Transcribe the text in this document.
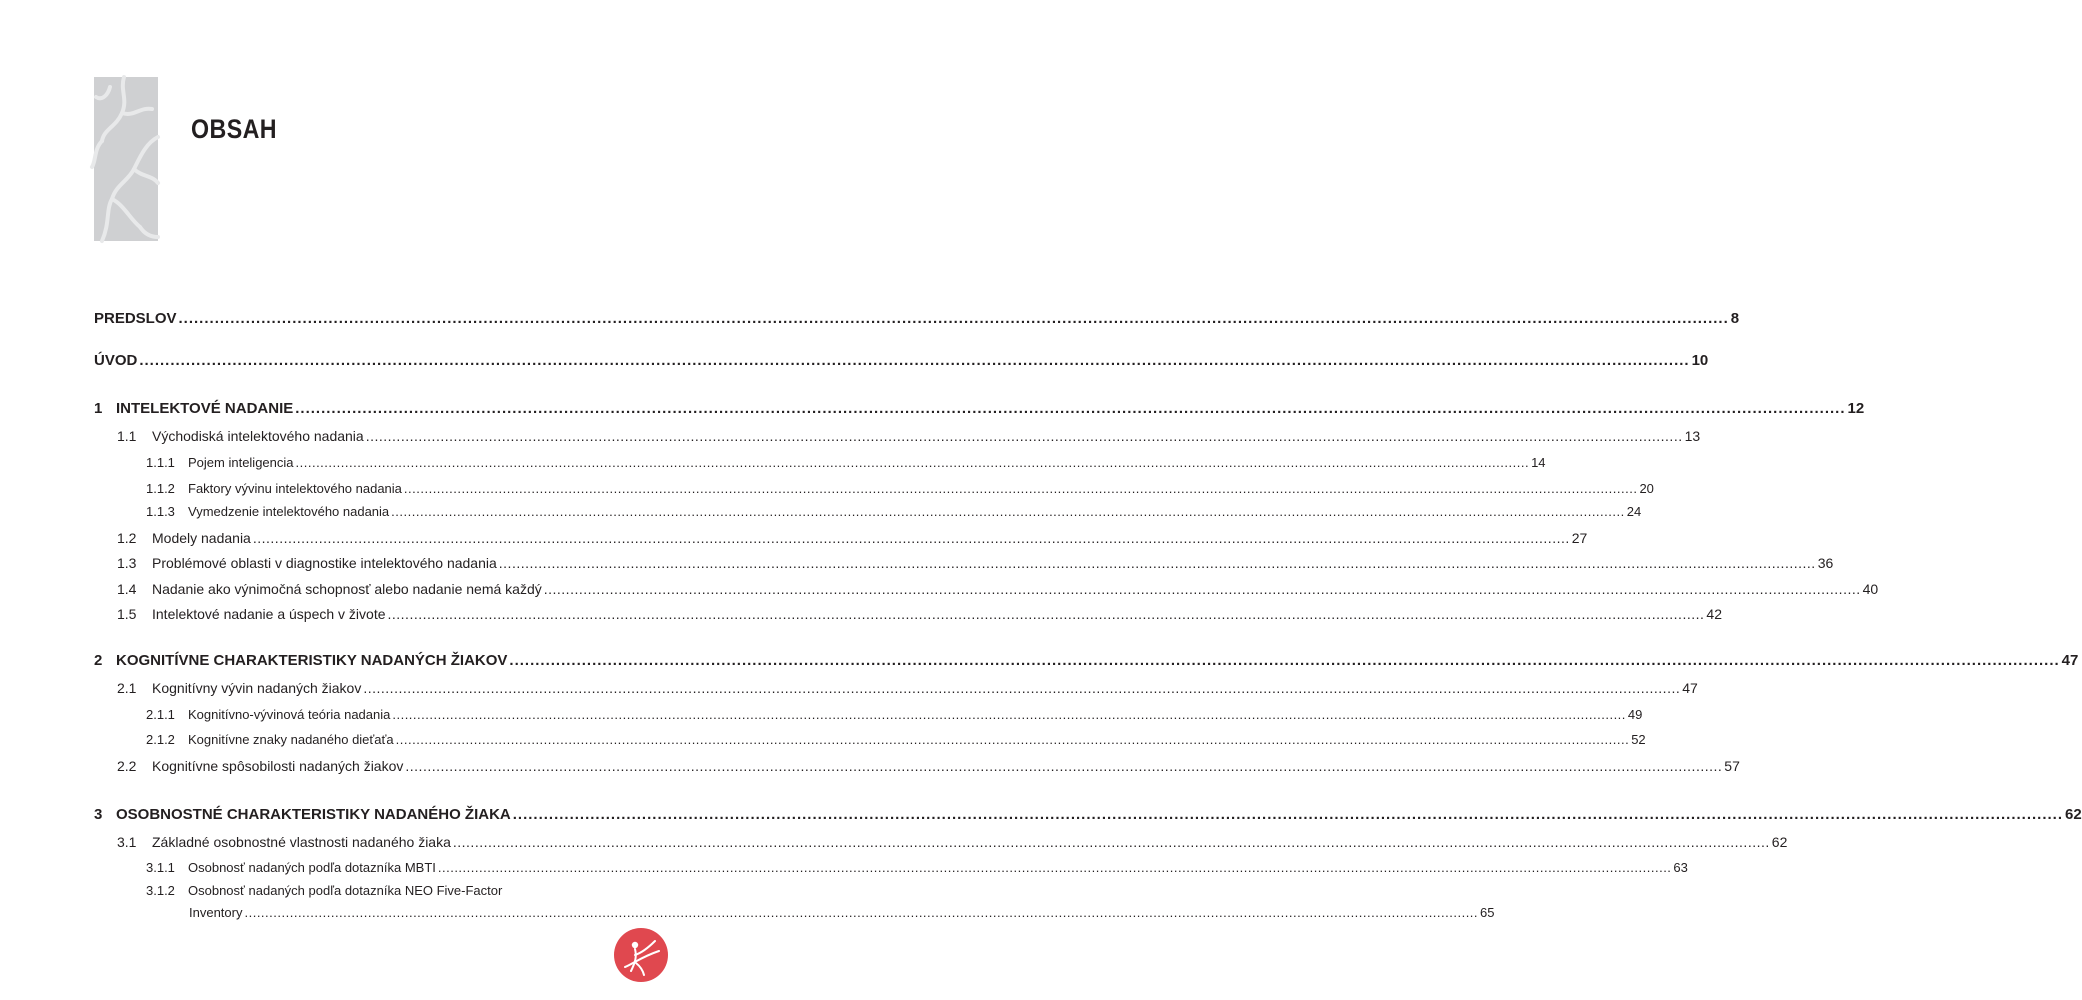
OBSAH
PREDSLOV ............................................................................................................................................................................................................................................................................................................ 8
ÚVOD ............................................................................................................................................................................................................................................................................................................ 10
1 INTELEKTOVÉ NADANIE ............................................................................................................................................................................................................................................................................................................ 12
1.1	Východiská intelektového nadania ............................................................................................................................................................................................................................................................................................................ 13
1.1.1	Pojem inteligencia ............................................................................................................................................................................................................................................................................................................ 14
1.1.2	Faktory vývinu intelektového nadania ............................................................................................................................................................................................................................................................................................................ 20
1.1.3	Vymedzenie intelektového nadania ............................................................................................................................................................................................................................................................................................................ 24
1.2	Modely nadania ............................................................................................................................................................................................................................................................................................................ 27
1.3	Problémové oblasti v diagnostike intelektového nadania ............................................................................................................................................................................................................................................................................................................ 36
1.4	Nadanie ako výnimočná schopnosť alebo nadanie nemá každý ............................................................................................................................................................................................................................................................................................................ 40
1.5	Intelektové nadanie a úspech v živote ............................................................................................................................................................................................................................................................................................................ 42
2 KOGNITÍVNE CHARAKTERISTIKY NADANÝCH ŽIAKOV ............................................................................................................................................................................................................................................................................................................ 47
2.1	Kognitívny vývin nadaných žiakov ............................................................................................................................................................................................................................................................................................................ 47
2.1.1	Kognitívno-vývinová teória nadania ............................................................................................................................................................................................................................................................................................................ 49
2.1.2	Kognitívne znaky nadaného dieťaťa ............................................................................................................................................................................................................................................................................................................ 52
2.2	Kognitívne spôsobilosti nadaných žiakov ............................................................................................................................................................................................................................................................................................................ 57
3 OSOBNOSTNÉ CHARAKTERISTIKY NADANÉHO ŽIAKA ............................................................................................................................................................................................................................................................................................................ 62
3.1	Základné osobnostné vlastnosti nadaného žiaka ............................................................................................................................................................................................................................................................................................................ 62
3.1.1	Osobnosť nadaných podľa dotazníka MBTI ............................................................................................................................................................................................................................................................................................................ 63
3.1.2	Osobnosť nadaných podľa dotazníka NEO Five-Factor
Inventory ............................................................................................................................................................................................................................................................................................................ 65
